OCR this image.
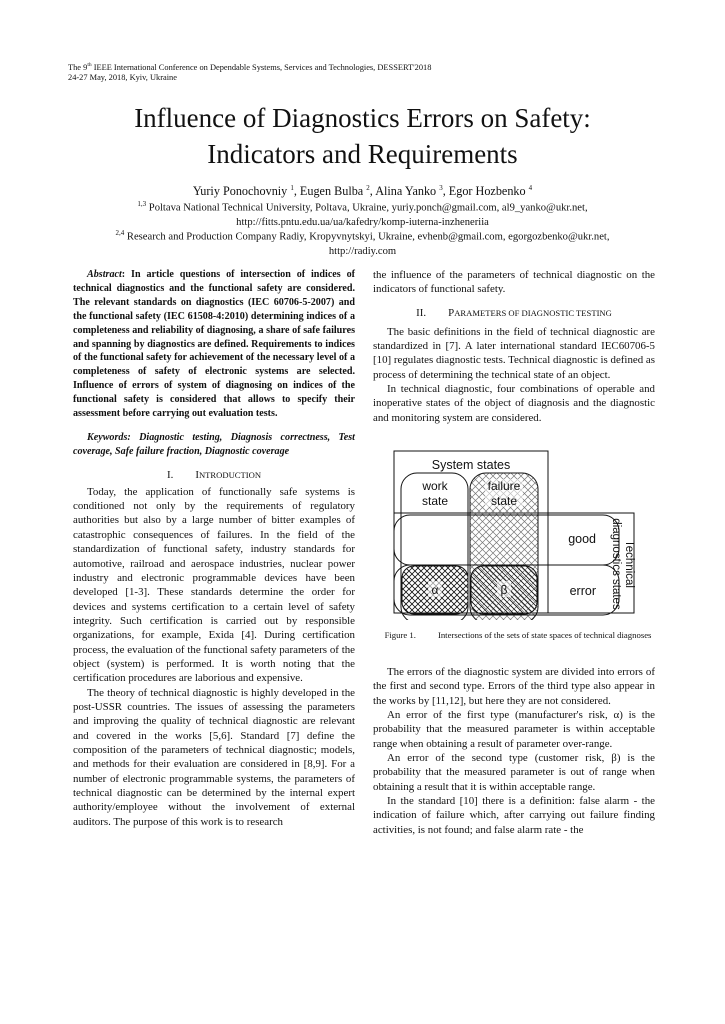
The 9th IEEE International Conference on Dependable Systems, Services and Technologies, DESSERT'2018
24-27 May, 2018, Kyiv, Ukraine
Influence of Diagnostics Errors on Safety:
Indicators and Requirements
Yuriy Ponochovniy $^1$, Eugen Bulba $^2$, Alina Yanko $^3$, Egor Hozbenko $^4$
$^{1,3}$ Poltava National Technical University, Poltava, Ukraine, yuriy.ponch@gmail.com, al9_yanko@ukr.net,
http://fitts.pntu.edu.ua/ua/kafedry/komp-iuterna-inzheneriia
$^{2,4}$ Research and Production Company Radiy, Kropyvnytskyi, Ukraine, evhenb@gmail.com, egorgozbenko@ukr.net,
http://radiy.com

Abstract: In article questions of intersection of indices of technical diagnostics and the functional safety are considered. The relevant standards on diagnostics (IEC 60706-5-2007) and the functional safety (IEC 61508-4:2010) determining indices of a completeness and reliability of diagnosing, a share of safe failures and spanning by diagnostics are defined. Requirements to indices of the functional safety for achievement of the necessary level of a completeness of safety of electronic systems are selected. Influence of errors of system of diagnosing on indices of the functional safety is considered that allows to specify their assessment before carrying out evaluation tests.

Keywords: Diagnostic testing, Diagnosis correctness, Test coverage, Safe failure fraction, Diagnostic coverage

I. INTRODUCTION

Today, the application of functionally safe systems is conditioned not only by the requirements of regulatory authorities but also by a large number of bitter examples of catastrophic consequences of failures. In the field of the standardization of functional safety, industry standards for automotive, railroad and aerospace industries, nuclear power industry and electronic programmable devices have been developed [1-3]. These standards determine the order for devices and systems certification to a certain level of safety integrity. Such certification is carried out by responsible organizations, for example, Exida [4]. During certification process, the evaluation of the functional safety parameters of the object (system) is performed. It is worth noting that the certification procedures are laborious and expensive.

The theory of technical diagnostic is highly developed in the post-USSR countries. The issues of assessing the parameters and improving the quality of technical diagnostic are relevant and covered in the works [5,6]. Standard [7] define the composition of the parameters of technical diagnostic; models, and methods for their evaluation are considered in [8,9]. For a number of electronic programmable systems, the parameters of technical diagnostic can be determined by the internal expert authority/employee without the involvement of external auditors. The purpose of this work is to research

the influence of the parameters of technical diagnostic on the indicators of functional safety.

II. PARAMETERS OF DIAGNOSTIC TESTING

The basic definitions in the field of technical diagnostic are standardized in [7]. A later international standard IEC60706-5 [10] regulates diagnostic tests. Technical diagnostic is defined as process of determining the technical state of an object.

In technical diagnostic, four combinations of operable and inoperative states of the object of diagnosis and the diagnostic and monitoring system are considered.

System states
work
state
failure
state
good
error
α	β
Technical
diagnostics states
Figure 1.	Intersections of the sets of state spaces of technical diagnoses

The errors of the diagnostic system are divided into errors of the first and second type. Errors of the third type also appear in the works by [11,12], but here they are not considered.

An error of the first type (manufacturer's risk, α) is the probability that the measured parameter is within acceptable range when obtaining a result of parameter over-range.

An error of the second type (customer risk, β) is the probability that the measured parameter is out of range when obtaining a result that it is within acceptable range.

In the standard [10] there is a definition: false alarm - the indication of failure which, after carrying out failure finding activities, is not found; and false alarm rate - the
